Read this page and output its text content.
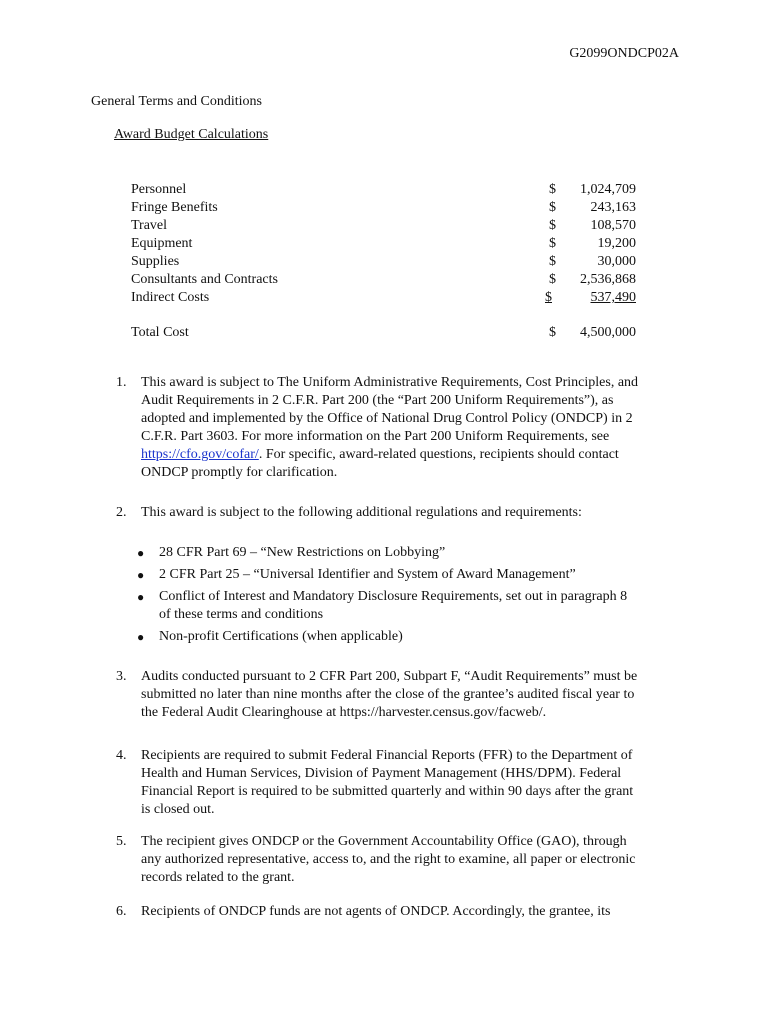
G2099ONDCP02A
General Terms and Conditions
Award Budget Calculations
Personnel	$ 1,024,709
Fringe Benefits	$ 243,163
Travel	$ 108,570
Equipment	$	19,200
Supplies	$	30,000
Consultants and Contracts	$ 2,536,868
Indirect Costs	$	537,490
Total Cost	$ 4,500,000
1. This award is subject to The Uniform Administrative Requirements, Cost Principles, and
Audit Requirements in 2 C.F.R. Part 200 (the “Part 200 Uniform Requirements”), as
adopted and implemented by the Office of National Drug Control Policy (ONDCP) in 2
C.F.R. Part 3603. For more information on the Part 200 Uniform Requirements, see
https://cfo.gov/cofar/. For specific, award-related questions, recipients should contact
ONDCP promptly for clarification.
2. This award is subject to the following additional regulations and requirements:
● 28 CFR Part 69 – “New Restrictions on Lobbying”
● 2 CFR Part 25 – “Universal Identifier and System of Award Management”
● Conflict of Interest and Mandatory Disclosure Requirements, set out in paragraph 8
of these terms and conditions
● Non-profit Certifications (when applicable)
3. Audits conducted pursuant to 2 CFR Part 200, Subpart F, “Audit Requirements” must be
submitted no later than nine months after the close of the grantee’s audited fiscal year to
the Federal Audit Clearinghouse at https://harvester.census.gov/facweb/.
4. Recipients are required to submit Federal Financial Reports (FFR) to the Department of
Health and Human Services, Division of Payment Management (HHS/DPM). Federal
Financial Report is required to be submitted quarterly and within 90 days after the grant
is closed out.
5. The recipient gives ONDCP or the Government Accountability Office (GAO), through
any authorized representative, access to, and the right to examine, all paper or electronic
records related to the grant.
6. Recipients of ONDCP funds are not agents of ONDCP. Accordingly, the grantee, its
